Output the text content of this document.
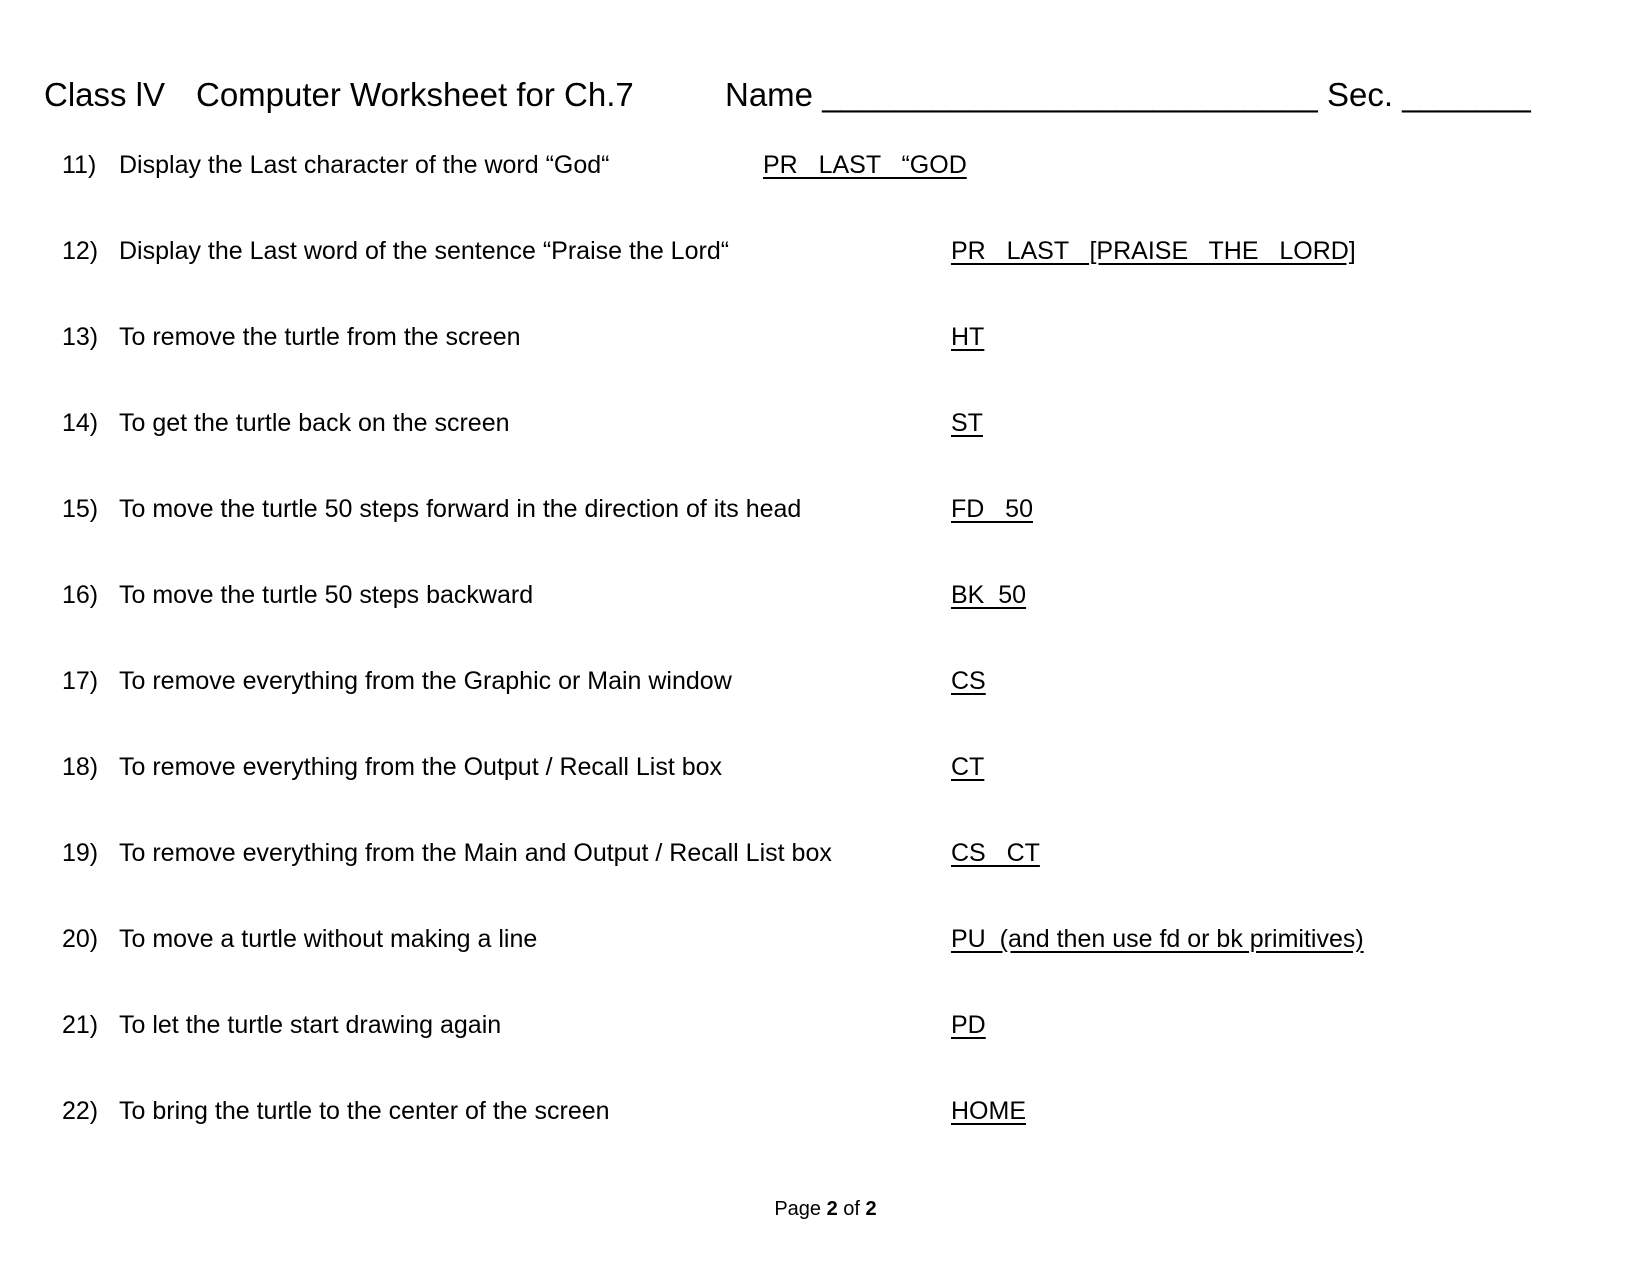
Class lV

Computer Worksheet for Ch.7

	Name ___________________________

Sec. _______

11) Display the Last character of the word “God“	PR   LAST   “GOD
12) Display the Last word of the sentence “Praise the Lord“	PR   LAST   [PRAISE   THE   LORD]
13) To remove the turtle from the screen	HT
14) To get the turtle back on the screen	ST
15) To move the turtle 50 steps forward in the direction of its head	FD   50
16) To move the turtle 50 steps backward	BK  50
17) To remove everything from the Graphic or Main window	CS
18) To remove everything from the Output / Recall List box	CT
19) To remove everything from the Main and Output / Recall List box	CS   CT
20) To move a turtle without making a line	PU  (and then use fd or bk primitives)
21) To let the turtle start drawing again	PD
22) To bring the turtle to the center of the screen	HOME
Page 2 of 2
